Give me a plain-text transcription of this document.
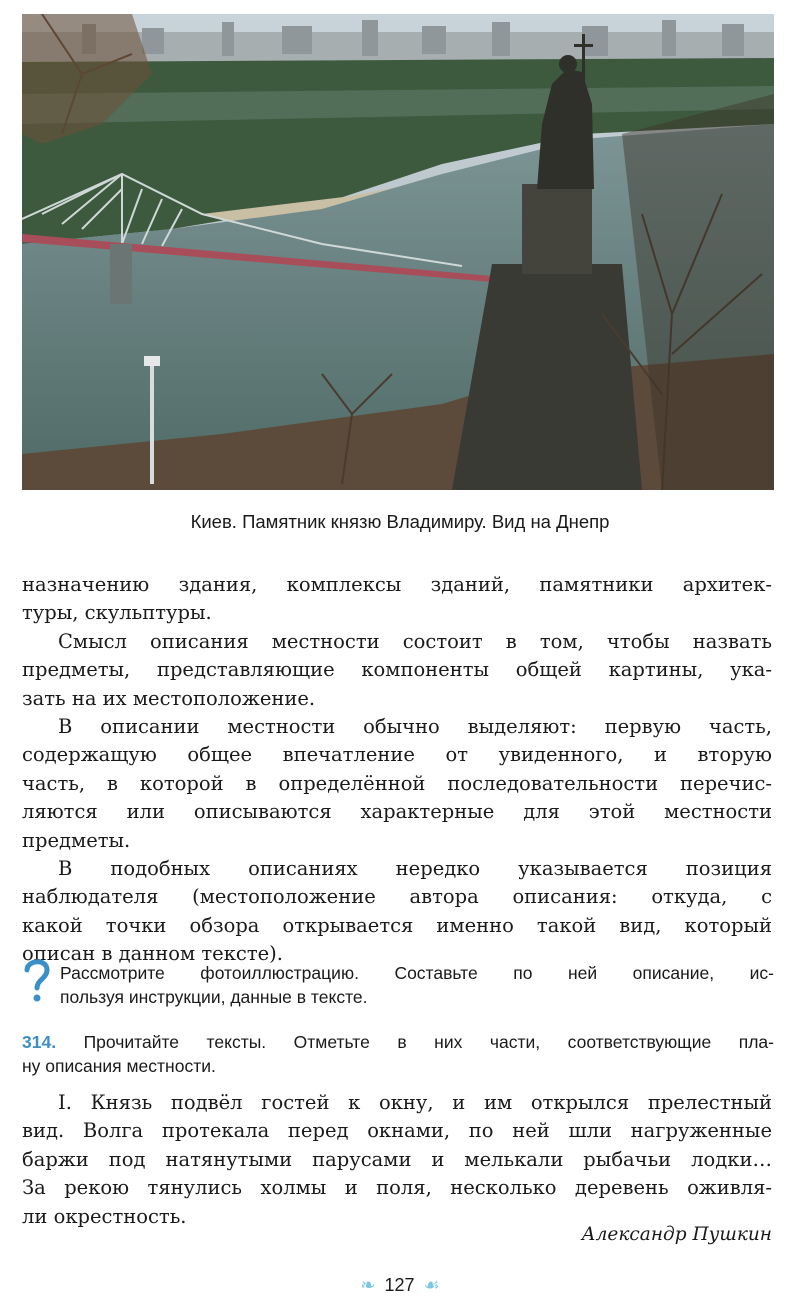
Киев. Памятник князю Владимиру. Вид на Днепр
назначению здания, комплексы зданий, памятники архитек-
туры, скульптуры.
Смысл описания местности состоит в том, чтобы назвать
предметы, представляющие компоненты общей картины, ука-
зать на их местоположение.
В описании местности обычно выделяют: первую часть,
содержащую общее впечатление от увиденного, и вторую
часть, в которой в определённой последовательности перечис-
ляются или описываются характерные для этой местности
предметы.
В подобных описаниях нередко указывается позиция
наблюдателя (местоположение автора описания: откуда, с
какой точки обзора открывается именно такой вид, который
описан в данном тексте).
Рассмотрите фотоиллюстрацию. Составьте по ней описание, ис-
пользуя инструкции, данные в тексте.
314. Прочитайте тексты. Отметьте в них части, соответствующие пла-
ну описания местности.
I. Князь подвёл гостей к окну, и им открылся прелестный
вид. Волга протекала перед окнами, по ней шли нагруженные
баржи под натянутыми парусами и мелькали рыбачьи лодки…
За рекою тянулись холмы и поля, несколько деревень оживля-
ли окрестность.
Александр Пушкин
❧ 127 ☙
